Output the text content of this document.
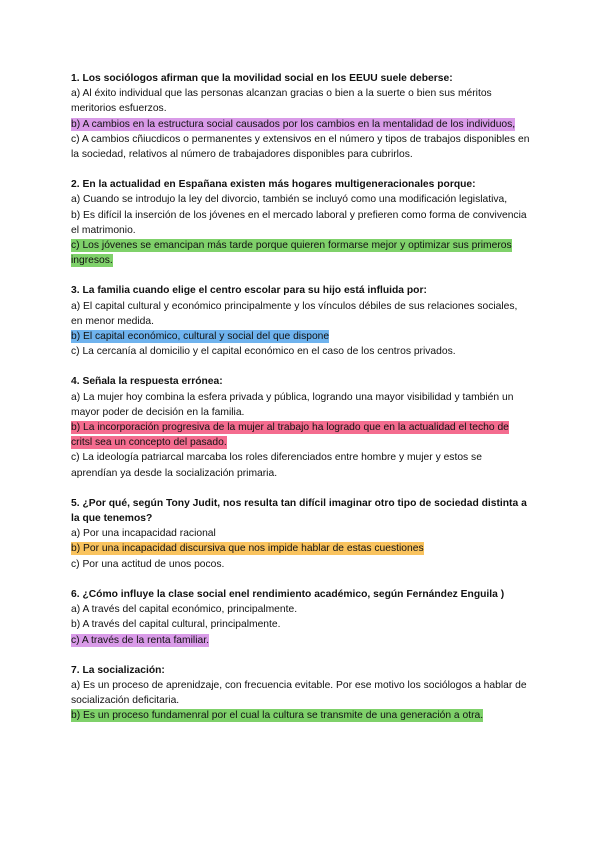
1. Los sociólogos afirman que la movilidad social en los EEUU suele deberse:
a) Al éxito individual que las personas alcanzan gracias o bien a la suerte o bien sus méritos meritorios esfuerzos.
b) A cambios en la estructura social causados por los cambios en la mentalidad de los individuos,
c) A cambios cñiucdicos o permanentes y extensivos en el número y tipos de trabajos disponibles en la sociedad, relativos al número de trabajadores disponibles para cubrirlos.
2. En la actualidad en Españana existen más hogares multigeneracionales porque:
a) Cuando se introdujo la ley del divorcio, también se incluyó como una modificación legislativa,
b) Es difícil la inserción de los jóvenes en el mercado laboral y prefieren como forma de convivencia el matrimonio.
c) Los jóvenes se emancipan más tarde porque quieren formarse mejor y optimizar sus primeros ingresos.
3. La familia cuando elige el centro escolar para su hijo está influida por:
a) El capital cultural y económico principalmente y los vínculos débiles de sus relaciones sociales, en menor medida.
b) El capital económico, cultural y social del que dispone
c) La cercanía al domicilio y el capital económico en el caso de los centros privados.
4. Señala la respuesta errónea:
a) La mujer hoy combina la esfera privada y pública, logrando una mayor visibilidad y también un mayor poder de decisión en la familia.
b) La incorporación progresiva de la mujer al trabajo ha logrado que en la actualidad el techo de critsl sea un concepto del pasado.
c) La ideología patriarcal marcaba los roles diferenciados entre hombre y mujer y estos se aprendían ya desde la socialización primaria.
5. ¿Por qué, según Tony Judit, nos resulta tan difícil imaginar otro tipo de sociedad distinta a la que tenemos?
a) Por una incapacidad racional
b) Por una incapacidad discursiva que nos impide hablar de estas cuestiones
c) Por una actitud de unos pocos.
6. ¿Cómo influye la clase social enel rendimiento académico, según Fernández Enguila )
a) A través del capital económico, principalmente.
b) A través del capital cultural, principalmente.
c) A través de la renta familiar.
7. La socialización:
a) Es un proceso de aprenidzaje, con frecuencia evitable. Por ese motivo los sociólogos a hablar de socialización deficitaria.
b) Es un proceso fundamenral por el cual la cultura se transmite de una generación a otra.
